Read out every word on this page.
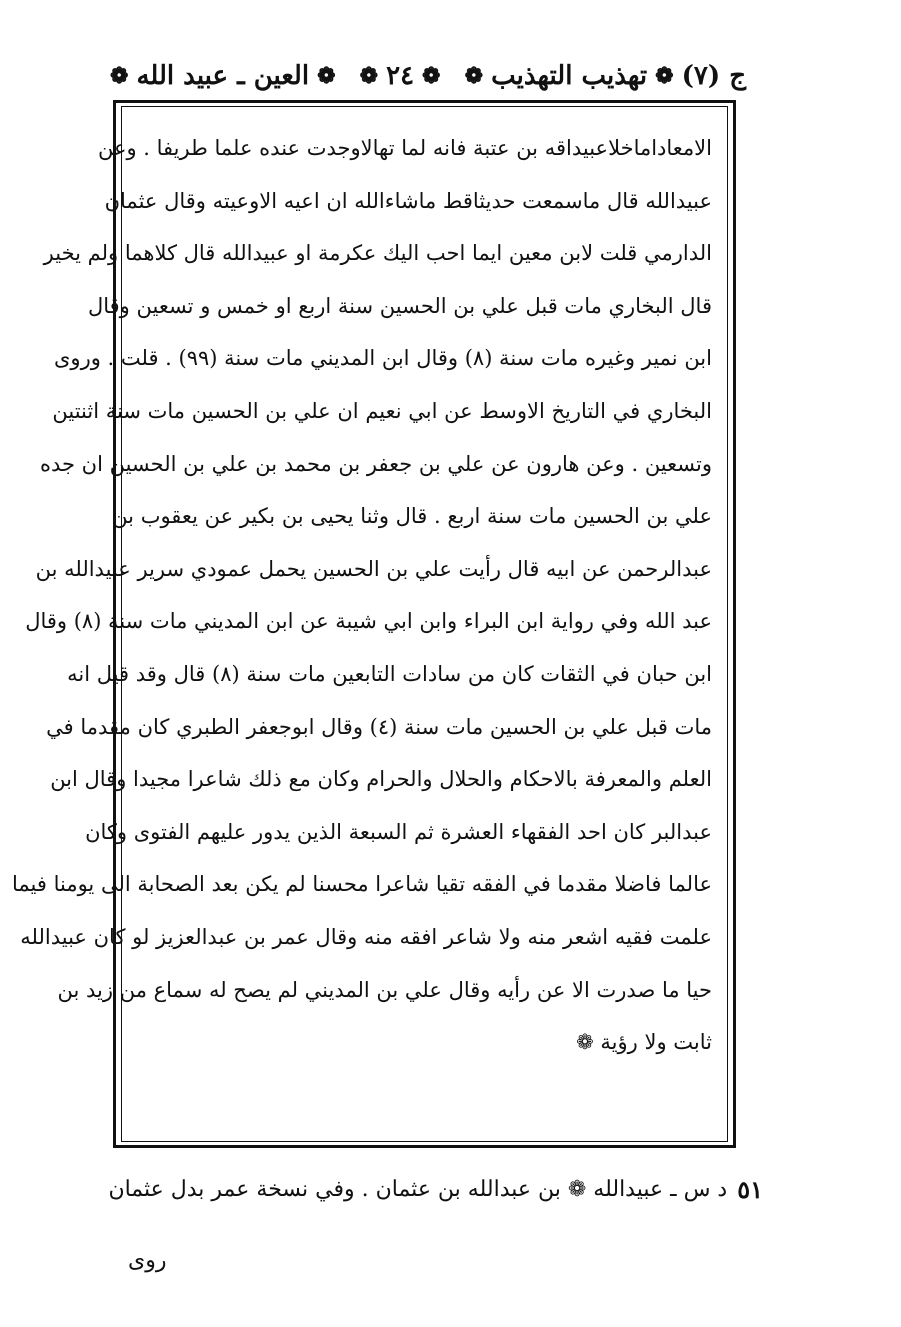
ج (٧)
❁
تهذيب التهذيب
❁
❁
٢٤
❁
❁
العين ـ عبيد الله
❁
الامعاداماخلاعبيداقه بن عتبة فانه لما تهالاوجدت عنده علما طريفا . وعن
عبيدالله قال ماسمعت حديثاقط ماشاءالله ان اعيه الاوعيته وقال عثمان
الدارمي قلت لابن معين ايما احب اليك عكرمة او عبيدالله قال كلاهما ولم يخير
قال البخاري مات قبل علي بن الحسين سنة اربع او خمس و تسعين وقال
ابن نمير وغيره مات سنة (٨) وقال ابن المديني مات سنة (٩٩) . قلت . وروى
البخاري في التاريخ الاوسط عن ابي نعيم ان علي بن الحسين مات سنة اثنتين
وتسعين . وعن هارون عن علي بن جعفر بن محمد بن علي بن الحسين ان جده
علي بن الحسين مات سنة اربع . قال وثنا يحيى بن بكير عن يعقوب بن
عبدالرحمن عن ابيه قال رأيت علي بن الحسين يحمل عمودي سرير عبيدالله بن
عبد الله وفي رواية ابن البراء وابن ابي شيبة عن ابن المديني مات سنة (٨) وقال
ابن حبان في الثقات كان من سادات التابعين مات سنة (٨) قال وقد قيل انه
مات قبل علي بن الحسين مات سنة (٤) وقال ابوجعفر الطبري كان مقدما في
العلم والمعرفة بالاحكام والحلال والحرام وكان مع ذلك شاعرا مجيدا وقال ابن
عبدالبر كان احد الفقهاء العشرة ثم السبعة الذين يدور عليهم الفتوى وكان
عالما فاضلا مقدما في الفقه تقيا شاعرا محسنا لم يكن بعد الصحابة الى يومنا فيما
علمت فقيه اشعر منه ولا شاعر افقه منه وقال عمر بن عبدالعزيز لو كان عبيدالله
حيا ما صدرت الا عن رأيه وقال علي بن المديني لم يصح له سماع من زيد بن
ثابت ولا رؤية ❁
٥١
د س ـ عبيدالله ❁ بن عبدالله بن عثمان . وفي نسخة عمر بدل عثمان
روى
